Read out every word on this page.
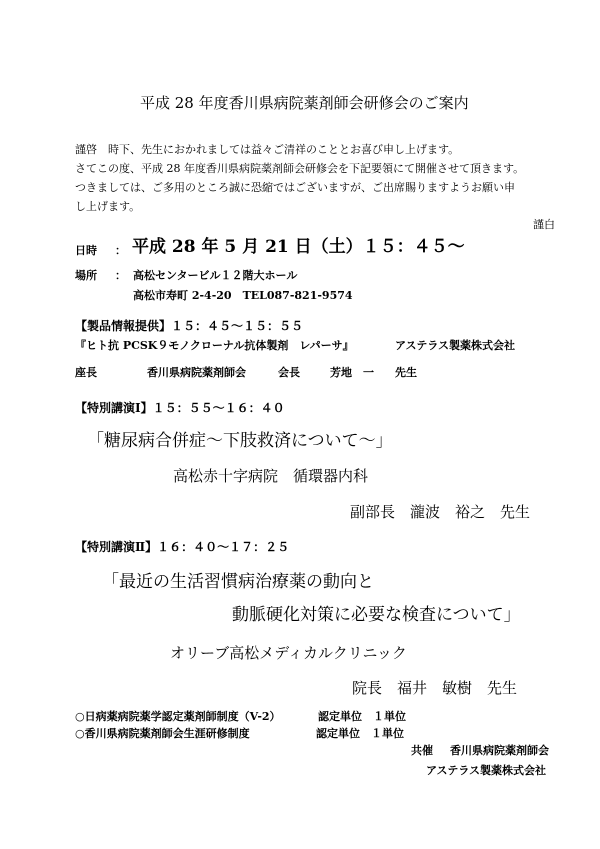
平成 28 年度香川県病院薬剤師会研修会のご案内
謹啓　時下、先生におかれましては益々ご清祥のこととお喜び申し上げます。
さてこの度、平成 28 年度香川県病院薬剤師会研修会を下記要領にて開催させて頂きます。
つきましては、ご多用のところ誠に恐縮ではございますが、ご出席賜りますようお願い申
し上げます。
謹白
日時 ： 平成 28 年 5 月 21 日（土）１５：４５～
場所 ： 高松センタービル１２階大ホール
高松市寿町 2-4-20　TEL087-821-9574
【製品情報提供】１５：４５～１５：５５
『ヒト抗 PCSK９モノクローナル抗体製剤　レパーサ』	アステラス製薬株式会社
座長	香川県病院薬剤師会	会長	芳地　一 先生
【特別講演Ⅰ】１５：５５～１６：４０
「糖尿病合併症～下肢救済について～」
高松赤十字病院　循環器内科
副部長　瀧波　裕之　先生
【特別講演Ⅱ】１６：４０～１７：２５
「最近の生活習慣病治療薬の動向と
動脈硬化対策に必要な検査について」
オリーブ高松メディカルクリニック
院長　福井　敏樹　先生
○日病薬病院薬学認定薬剤師制度（V-2）	認定単位　１単位
○香川県病院薬剤師会生涯研修制度	認定単位　１単位
共催 香川県病院薬剤師会
アステラス製薬株式会社
